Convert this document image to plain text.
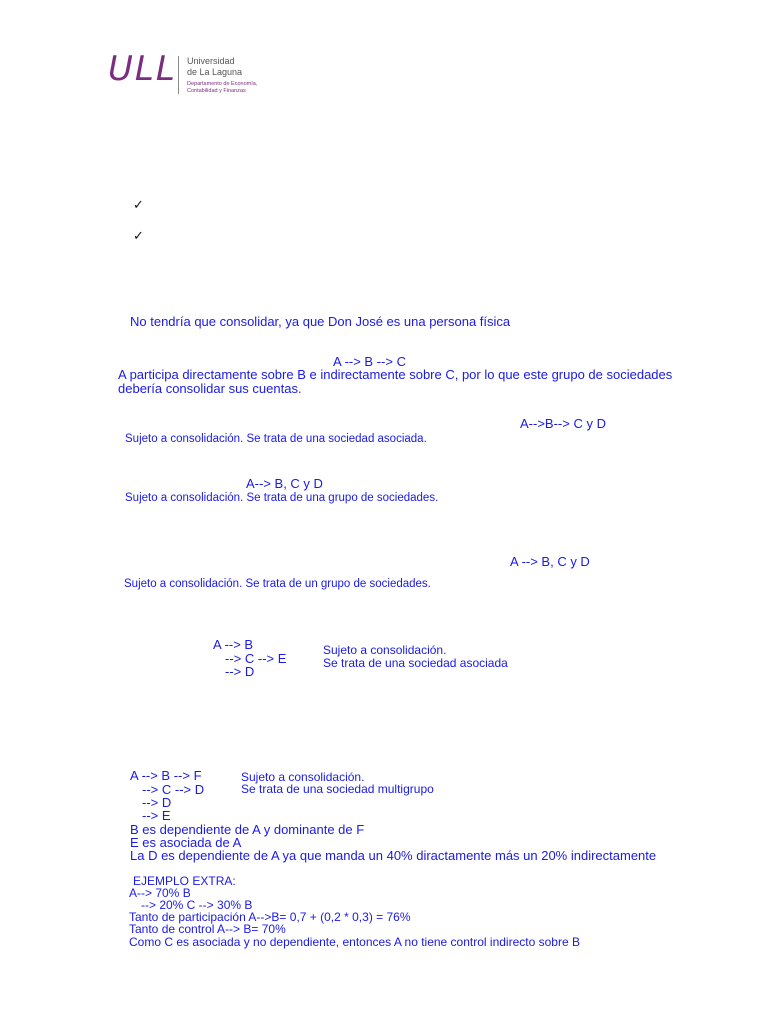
ULL Universidad
de La Laguna
Departamento de Economía,
Contabilidad y Finanzas
✓
✓
No tendría que consolidar, ya que Don José es una persona física
A --> B --> C
A participa directamente sobre B e indirectamente sobre C, por lo que este grupo de sociedades
debería consolidar sus cuentas.
A-->B--> C y D
Sujeto a consolidación. Se trata de una sociedad asociada.
A--> B, C y D
Sujeto a consolidación. Se trata de una grupo de sociedades.
A --> B, C y D
Sujeto a consolidación. Se trata de un grupo de sociedades.
A --> B
--> C --> E
--> D
Sujeto a consolidación.
Se trata de una sociedad asociada
A --> B --> F
--> C --> D
--> D
--> E
Sujeto a consolidación.
Se trata de una sociedad multigrupo
B es dependiente de A y dominante de F
E es asociada de A
La D es dependiente de A ya que manda un 40% diractamente más un 20% indirectamente
EJEMPLO EXTRA:
A--> 70% B
--> 20% C --> 30% B
Tanto de participación A-->B= 0,7 + (0,2 * 0,3) = 76%
Tanto de control A--> B= 70%
Como C es asociada y no dependiente, entonces A no tiene control indirecto sobre B
